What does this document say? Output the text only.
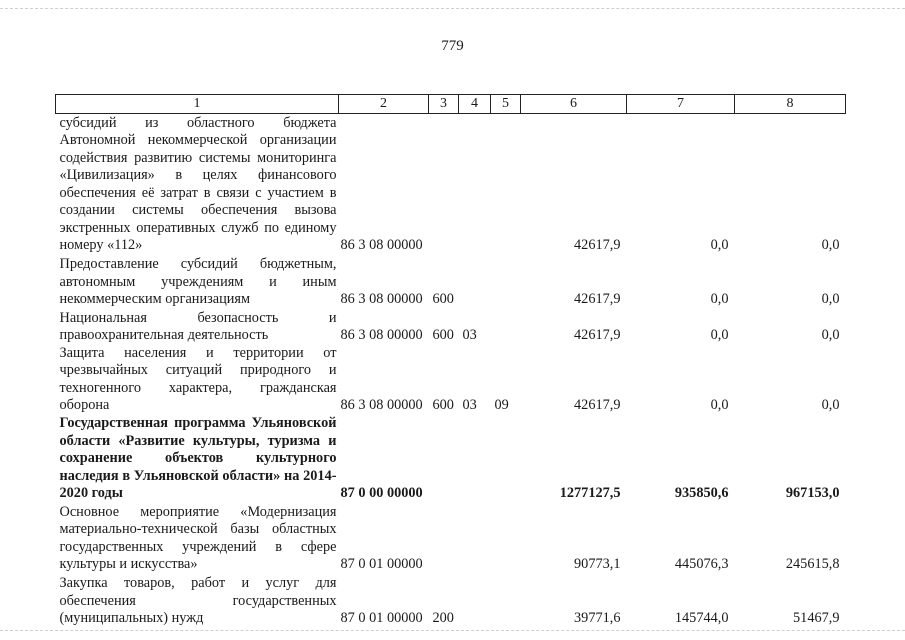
779
1	2	3	4	5	6	7	8
субсидий из областного бюджета Автономной некоммерческой организации содействия развитию системы мониторинга «Цивилизация» в целях финансового обеспечения её затрат в связи с участием в создании системы обеспечения вызова экстренных оперативных служб по единому номеру «112»	86 3 08 00000				42617,9	0,0	0,0
Предоставление субсидий бюджетным, автономным учреждениям и иным некоммерческим организациям	86 3 08 00000	600			42617,9	0,0	0,0
Национальная безопасность и правоохранительная деятельность	86 3 08 00000	600	03		42617,9	0,0	0,0
Защита населения и территории от чрезвычайных ситуаций природного и техногенного характера, гражданская оборона	86 3 08 00000	600	03	09	42617,9	0,0	0,0
Государственная программа Ульяновской области «Развитие культуры, туризма и сохранение объектов культурного наследия в Ульяновской области» на 2014-2020 годы	87 0 00 00000				1277127,5	935850,6	967153,0
Основное мероприятие «Модернизация материально-технической базы областных государственных учреждений в сфере культуры и искусства»	87 0 01 00000				90773,1	445076,3	245615,8
Закупка товаров, работ и услуг для обеспечения государственных (муниципальных) нужд	87 0 01 00000	200			39771,6	145744,0	51467,9
